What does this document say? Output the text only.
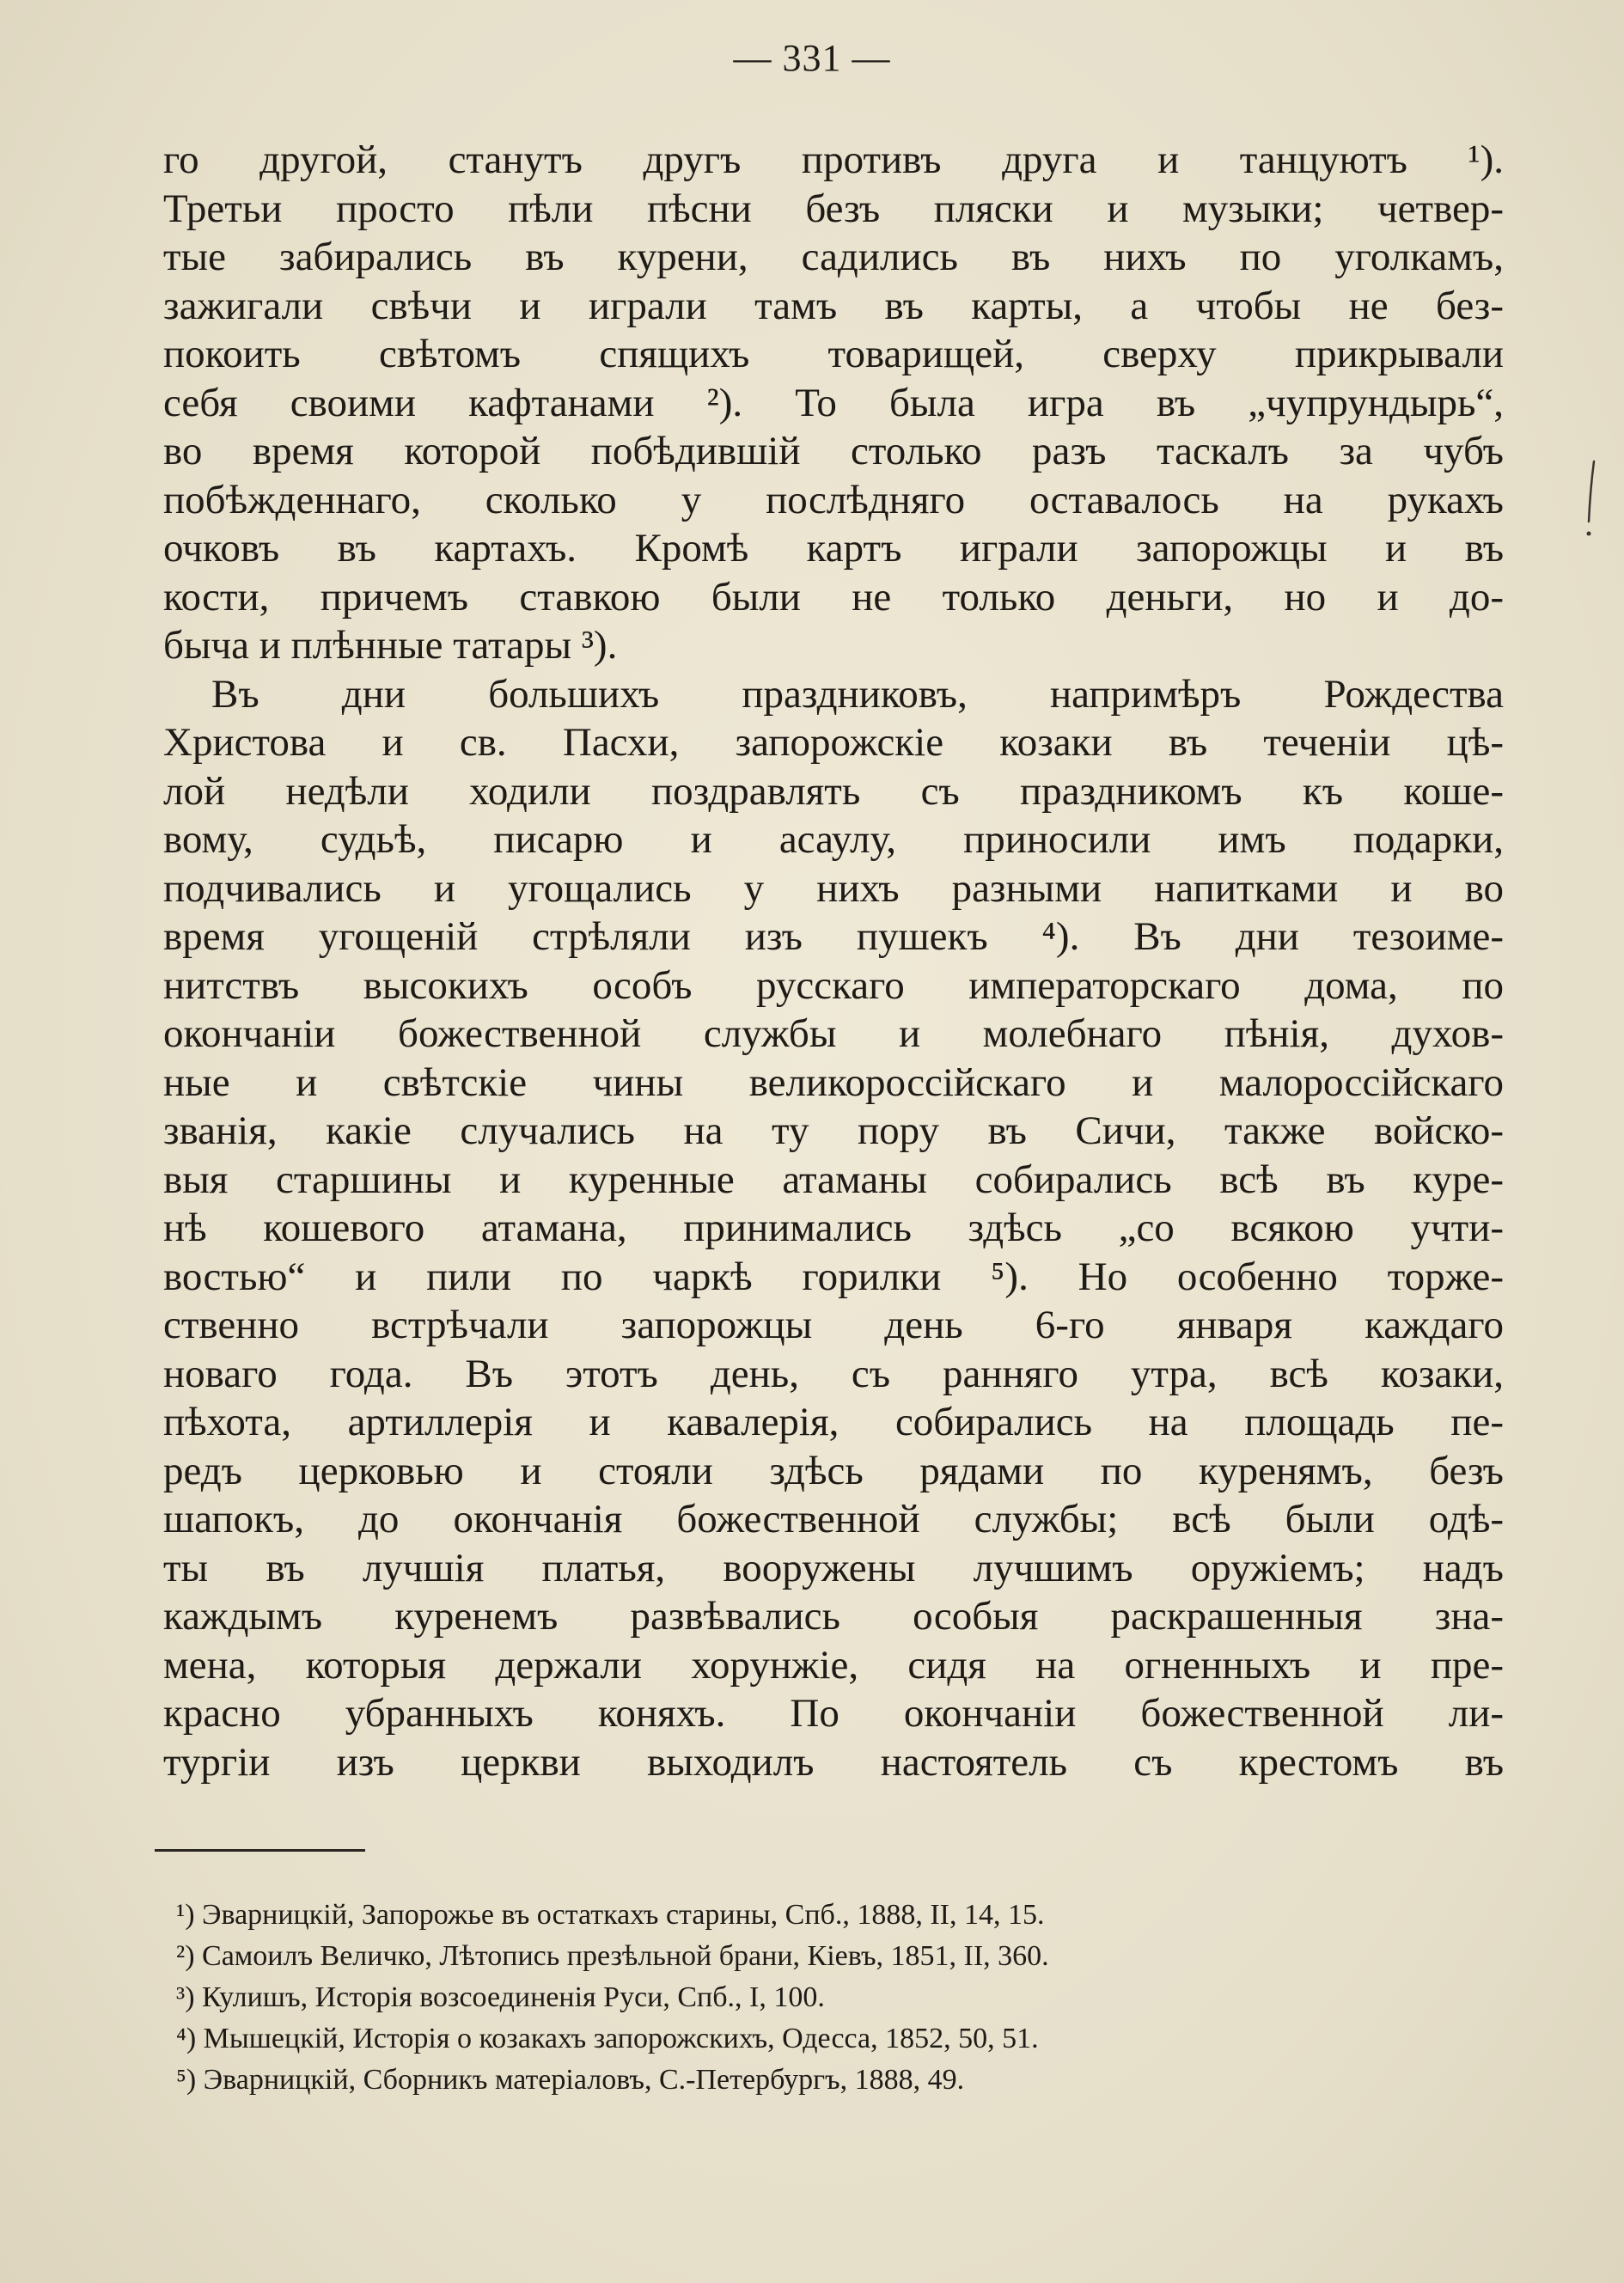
— 331 —
го другой, станутъ другъ противъ друга и танцуютъ ¹).
Третьи просто пѣли пѣсни безъ пляски и музыки; четвер-
тые забирались въ курени, садились въ нихъ по уголкамъ,
зажигали свѣчи и играли тамъ въ карты, а чтобы не без-
покоить свѣтомъ спящихъ товарищей, сверху прикрывали
себя своими кафтанами ²). То была игра въ „чупрундырь“,
во время которой побѣдившій столько разъ таскалъ за чубъ
побѣжденнаго, сколько у послѣдняго оставалось на рукахъ
очковъ въ картахъ. Кромѣ картъ играли запорожцы и въ
кости, причемъ ставкою были не только деньги, но и до-
быча и плѣнные татары ³).
Въ дни большихъ праздниковъ, напримѣръ Рождества
Христова и св. Пасхи, запорожскіе козаки въ теченіи цѣ-
лой недѣли ходили поздравлять съ праздникомъ къ коше-
вому, судьѣ, писарю и асаулу, приносили имъ подарки,
подчивались и угощались у нихъ разными напитками и во
время угощеній стрѣляли изъ пушекъ ⁴). Въ дни тезоиме-
нитствъ высокихъ особъ русскаго императорскаго дома, по
окончаніи божественной службы и молебнаго пѣнія, духов-
ные и свѣтскіе чины великороссійскаго и малороссійскаго
званія, какіе случались на ту пору въ Сичи, также войско-
выя старшины и куренные атаманы собирались всѣ въ куре-
нѣ кошевого атамана, принимались здѣсь „со всякою учти-
востью“ и пили по чаркѣ горилки ⁵). Но особенно торже-
ственно встрѣчали запорожцы день 6-го января каждаго
новаго года. Въ этотъ день, съ ранняго утра, всѣ козаки,
пѣхота, артиллерія и кавалерія, собирались на площадь пе-
редъ церковью и стояли здѣсь рядами по куренямъ, безъ
шапокъ, до окончанія божественной службы; всѣ были одѣ-
ты въ лучшія платья, вооружены лучшимъ оружіемъ; надъ
каждымъ куренемъ развѣвались особыя раскрашенныя зна-
мена, которыя держали хорунжіе, сидя на огненныхъ и пре-
красно убранныхъ коняхъ. По окончаніи божественной ли-
тургіи изъ церкви выходилъ настоятель съ крестомъ въ
¹) Эварницкій, Запорожье въ остаткахъ старины, Спб., 1888, II, 14, 15.
²) Самоилъ Величко, Лѣтопись презѣльной брани, Кіевъ, 1851, II, 360.
³) Кулишъ, Исторія возсоединенія Руси, Спб., I, 100.
⁴) Мышецкій, Исторія о козакахъ запорожскихъ, Одесса, 1852, 50, 51.
⁵) Эварницкій, Сборникъ матеріаловъ, С.-Петербургъ, 1888, 49.
